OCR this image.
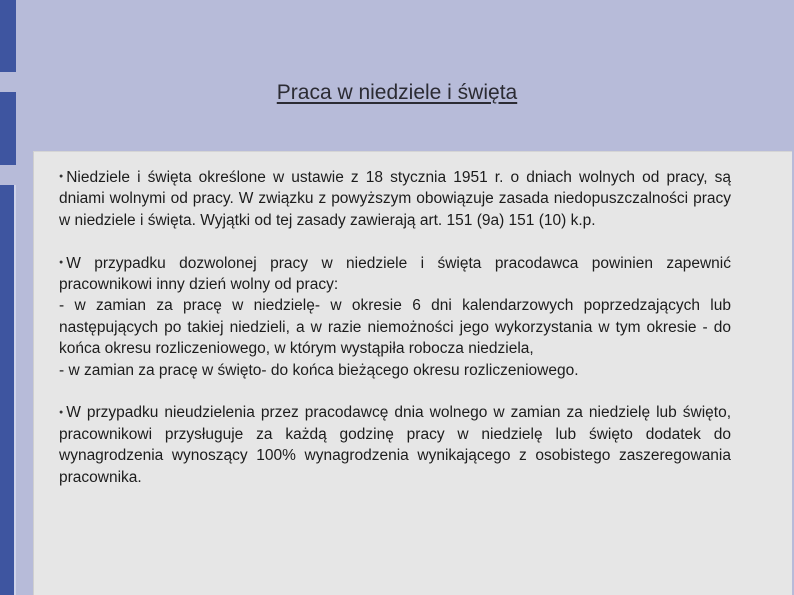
Praca w niedziele i święta

● Niedziele i święta określone w ustawie z 18 stycznia 1951 r. o dniach wolnych od pracy, są dniami wolnymi od pracy. W związku z powyższym obowiązuje zasada niedopuszczalności pracy w niedziele i święta. Wyjątki od tej zasady zawierają art. 151 (9a) 151 (10) k.p.

● W przypadku dozwolonej pracy w niedziele i święta pracodawca powinien zapewnić pracownikowi inny dzień wolny od pracy:
- w zamian za pracę w niedzielę- w okresie 6 dni kalendarzowych poprzedzających lub następujących po takiej niedzieli, a w razie niemożności jego wykorzystania w tym okresie - do końca okresu rozliczeniowego, w którym wystąpiła robocza niedziela,
- w zamian za pracę w święto- do końca bieżącego okresu rozliczeniowego.

● W przypadku nieudzielenia przez pracodawcę dnia wolnego w zamian za niedzielę lub święto, pracownikowi przysługuje za każdą godzinę pracy w niedzielę lub święto dodatek do wynagrodzenia wynoszący 100% wynagrodzenia wynikającego z osobistego zaszeregowania pracownika.
